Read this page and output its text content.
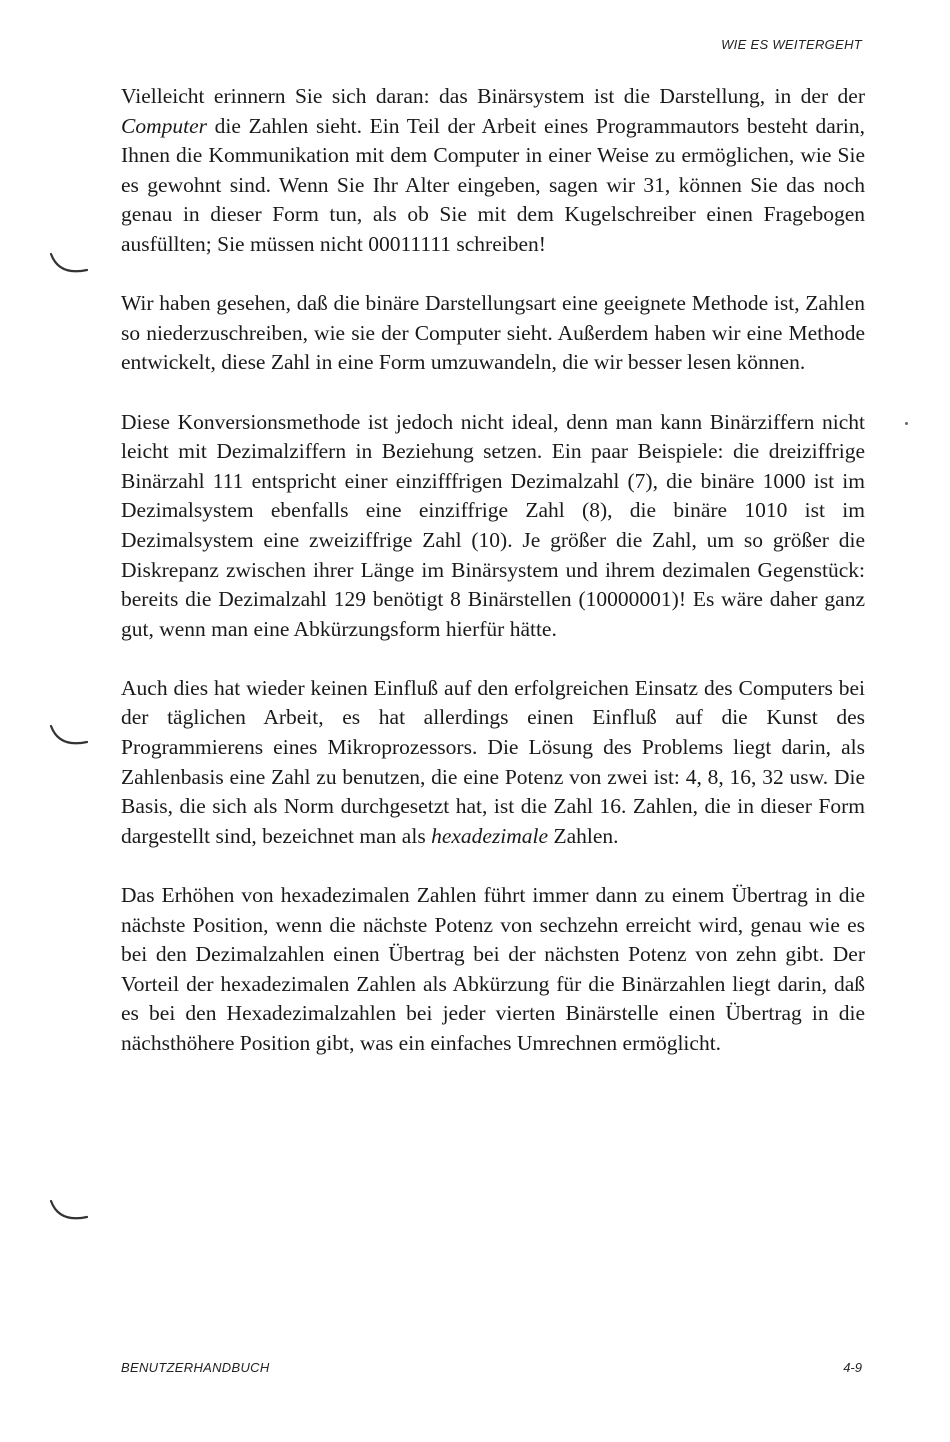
WIE ES WEITERGEHT

Vielleicht erinnern Sie sich daran: das Binärsystem ist die Darstellung, in der der Computer die Zahlen sieht. Ein Teil der Arbeit eines Programmautors besteht darin, Ihnen die Kommunikation mit dem Computer in einer Weise zu ermöglichen, wie Sie es gewohnt sind. Wenn Sie Ihr Alter eingeben, sagen wir 31, können Sie das noch genau in dieser Form tun, als ob Sie mit dem Kugelschreiber einen Fragebogen ausfüllten; Sie müssen nicht 00011111 schreiben!

Wir haben gesehen, daß die binäre Darstellungsart eine geeignete Methode ist, Zahlen so niederzuschreiben, wie sie der Computer sieht. Außerdem haben wir eine Methode entwickelt, diese Zahl in eine Form umzuwandeln, die wir besser lesen können.

Diese Konversionsmethode ist jedoch nicht ideal, denn man kann Binärziffern nicht leicht mit Dezimalziffern in Beziehung setzen. Ein paar Beispiele: die dreiziffrige Binärzahl 111 entspricht einer einzifffrigen Dezimalzahl (7), die binäre 1000 ist im Dezimalsystem ebenfalls eine einziffrige Zahl (8), die binäre 1010 ist im Dezimalsystem eine zweiziffrige Zahl (10). Je größer die Zahl, um so größer die Diskrepanz zwischen ihrer Länge im Binärsystem und ihrem dezimalen Gegenstück: bereits die Dezimalzahl 129 benötigt 8 Binärstellen (10000001)! Es wäre daher ganz gut, wenn man eine Abkürzungsform hierfür hätte.

Auch dies hat wieder keinen Einfluß auf den erfolgreichen Einsatz des Computers bei der täglichen Arbeit, es hat allerdings einen Einfluß auf die Kunst des Programmierens eines Mikroprozessors. Die Lösung des Problems liegt darin, als Zahlenbasis eine Zahl zu benutzen, die eine Potenz von zwei ist: 4, 8, 16, 32 usw. Die Basis, die sich als Norm durchgesetzt hat, ist die Zahl 16. Zahlen, die in dieser Form dargestellt sind, bezeichnet man als hexadezimale Zahlen.

Das Erhöhen von hexadezimalen Zahlen führt immer dann zu einem Übertrag in die nächste Position, wenn die nächste Potenz von sechzehn erreicht wird, genau wie es bei den Dezimalzahlen einen Übertrag bei der nächsten Potenz von zehn gibt. Der Vorteil der hexadezimalen Zahlen als Abkürzung für die Binärzahlen liegt darin, daß es bei den Hexadezimalzahlen bei jeder vierten Binärstelle einen Übertrag in die nächsthöhere Position gibt, was ein einfaches Umrechnen ermöglicht.

BENUTZERHANDBUCH	4-9
